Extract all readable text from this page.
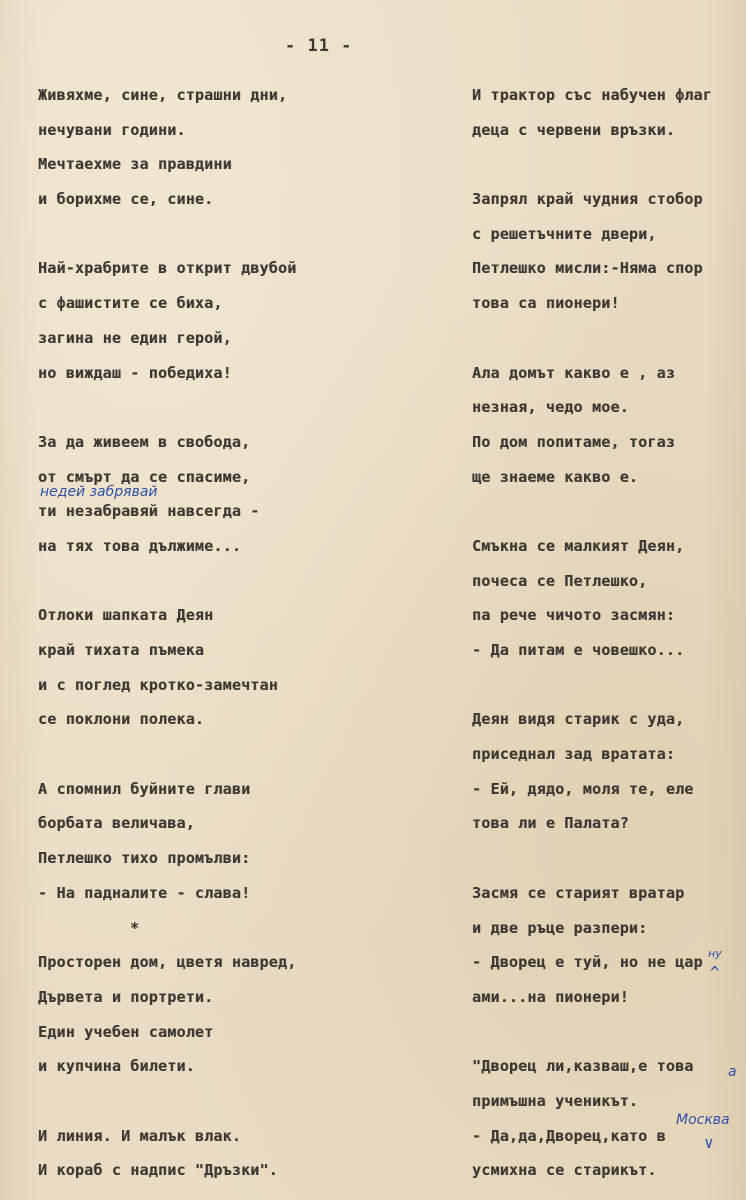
- 11 -
Живяхме, сине, страшни дни,
нечувани години.
Мечтаехме за правдини
и борихме се, сине.
Най-храбрите в открит двубой
с фашистите се биха,
загина не един герой,
но виждаш - победиха!
За да живеем в свобода,
от смърт да се спасиме,
ти незабравяй навсегда -
на тях това дължиме...
Отлоки шапката Деян
край тихата пъмека
и с поглед кротко-замечтан
се поклони полека.
А спомнил буйните глави
борбата величава,
Петлешко тихо промълви:
- На падналите - слава!
*
Просторен дом, цветя навред,
Дървета и портрети.
Един учебен самолет
и купчина билети.
И линия. И малък влак.
И кораб с надпис "Дръзки".
И трактор със набучен флаг
деца с червени връзки.
Запрял край чудния стобор
с решетъчните двери,
Петлешко мисли:-Няма спор
това са пионери!
Ала домът какво е , аз
незная, чедо мое.
По дом попитаме, тогаз
ще знаеме какво е.
Смъкна се малкият Деян,
почеса се Петлешко,
па рече чичото засмян:
- Да питам е човешко...
Деян видя старик с уда,
приседнал зад вратата:
- Ей, дядо, моля те, еле
това ли е Палата?
Засмя се старият вратар
и две ръце разпери:
- Дворец е туй, но не цар
ами...на пионери!
"Дворец ли,казваш,е това
примъшна ученикът.
- Да,да,Дворец,като в
усмихна се старикът.
недей забрявай
ну
^
а
Москва
∨
